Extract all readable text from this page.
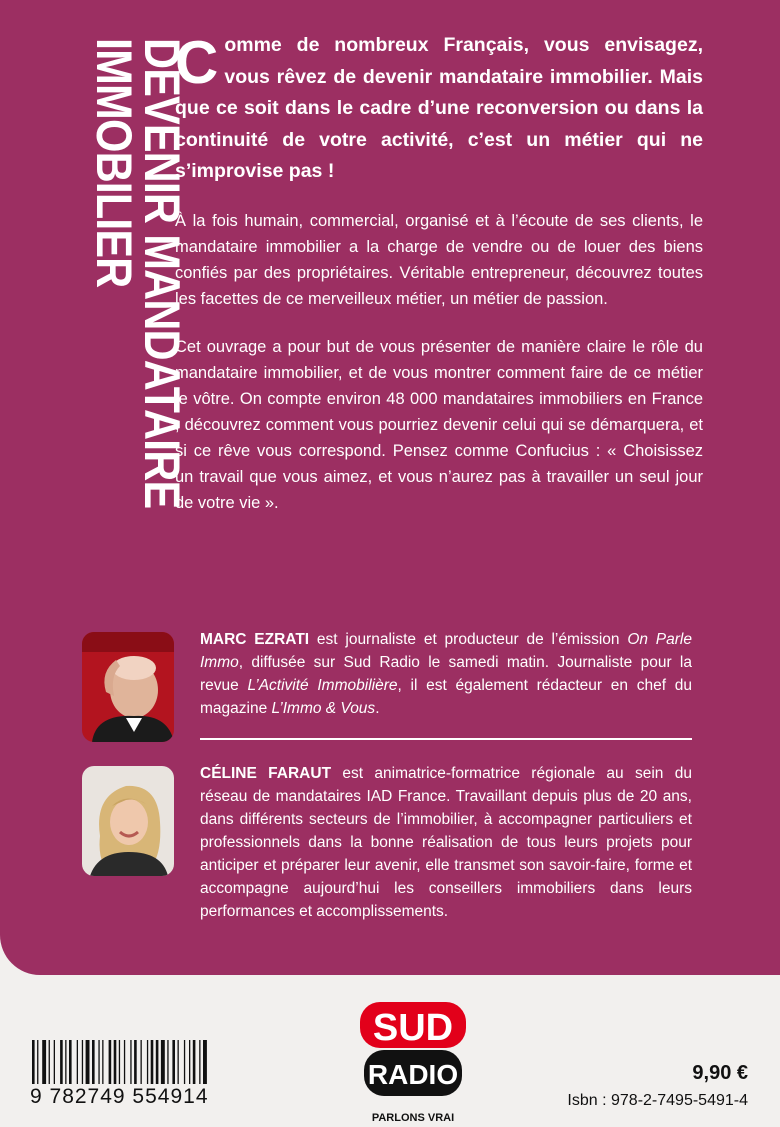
DEVENIR MANDATAIRE
IMMOBILIER Comme de nombreux Français, vous envisagez, vous rêvez de devenir mandataire immobilier. Mais que ce soit dans le cadre d’une reconversion ou dans la continuité de votre activité, c’est un métier qui ne s’improvise pas !

À la fois humain, commercial, organisé et à l’écoute de ses clients, le mandataire immobilier a la charge de vendre ou de louer des biens confiés par des propriétaires. Véritable entrepreneur, découvrez toutes les facettes de ce merveilleux métier, un métier de passion.

Cet ouvrage a pour but de vous présenter de manière claire le rôle du mandataire immobilier, et de vous montrer comment faire de ce métier le vôtre. On compte environ 48 000 mandataires immobiliers en France ; découvrez comment vous pourriez devenir celui qui se démarquera, et si ce rêve vous correspond. Pensez comme Confucius : « Choisissez un travail que vous aimez, et vous n’aurez pas à travailler un seul jour de votre vie ».

MARC EZRATI est journaliste et producteur de l’émission On Parle Immo, diffusée sur Sud Radio le samedi matin. Journaliste pour la revue L’Activité Immobilière, il est également rédacteur en chef du magazine L’Immo & Vous.
CÉLINE FARAUT est animatrice-formatrice régionale au sein du réseau de mandataires IAD France. Travaillant depuis plus de 20 ans, dans différents secteurs de l’immobilier, à accompagner particuliers et professionnels dans la bonne réalisation de tous leurs projets pour anticiper et préparer leur avenir, elle transmet son savoir-faire, forme et accompagne aujourd’hui les conseillers immobiliers dans leurs performances et accomplissements.
9 782749 554914
SUD
RADIO
PARLONS VRAI
9,90 €
Isbn : 978-2-7495-5491-4
